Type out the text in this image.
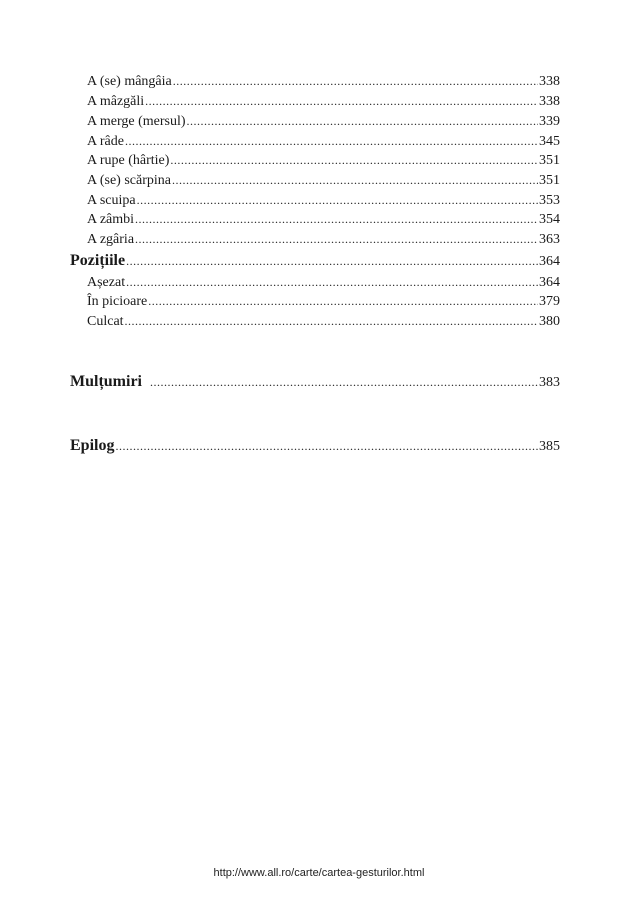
A (se) mângâia .....	338
A mâzgăli .....	338
A merge (mersul) .....	339
A râde .....	345
A rupe (hârtie) .....	351
A (se) scărpina .....	351
A scuipa .....	353
A zâmbi .....	354
A zgâria .....	363
Pozițiile .....	364
Așezat .....	364
În picioare .....	379
Culcat .....	380
Mulțumiri .....	383
Epilog .....	385
http://www.all.ro/carte/cartea-gesturilor.html
